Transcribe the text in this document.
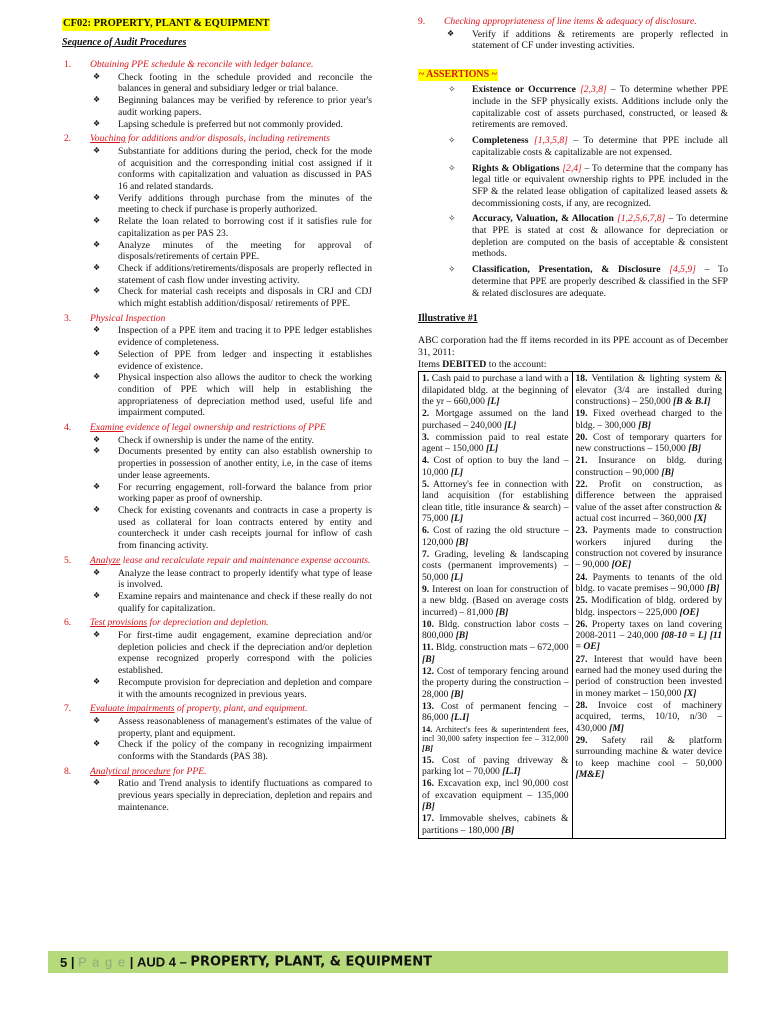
CF02: PROPERTY, PLANT & EQUIPMENT
Sequence of Audit Procedures
1. Obtaining PPE schedule & reconcile with ledger balance.
❖ Check footing in the schedule provided and reconcile the balances in general and subsidiary ledger or trial balance.
❖ Beginning balances may be verified by reference to prior year's audit working papers.
❖ Lapsing schedule is preferred but not commonly provided.
2. Vouching for additions and/or disposals, including retirements
❖ Substantiate for additions during the period, check for the mode of acquisition and the corresponding initial cost assigned if it conforms with capitalization and valuation as discussed in PAS 16 and related standards.
❖ Verify additions through purchase from the minutes of the meeting to check if purchase is properly authorized.
❖ Relate the loan related to borrowing cost if it satisfies rule for capitalization as per PAS 23.
❖ Analyze minutes of the meeting for approval of disposals/retirements of certain PPE.
❖ Check if additions/retirements/disposals are properly reflected in statement of cash flow under investing activity.
❖ Check for material cash receipts and disposals in CRJ and CDJ which might establish addition/disposal/ retirements of PPE.
3. Physical Inspection
❖ Inspection of a PPE item and tracing it to PPE ledger establishes evidence of completeness.
❖ Selection of PPE from ledger and inspecting it establishes evidence of existence.
❖ Physical inspection also allows the auditor to check the working condition of PPE which will help in establishing the appropriateness of depreciation method used, useful life and impairment computed.
4. Examine evidence of legal ownership and restrictions of PPE
❖ Check if ownership is under the name of the entity.
❖ Documents presented by entity can also establish ownership to properties in possession of another entity, i.e, in the case of items under lease agreements.
❖ For recurring engagement, roll-forward the balance from prior working paper as proof of ownership.
❖ Check for existing covenants and contracts in case a property is used as collateral for loan contracts entered by entity and countercheck it under cash receipts journal for inflow of cash from financing activity.
5. Analyze lease and recalculate repair and maintenance expense accounts.
❖ Analyze the lease contract to properly identify what type of lease is involved.
❖ Examine repairs and maintenance and check if these really do not qualify for capitalization.
6. Test provisions for depreciation and depletion.
❖ For first-time audit engagement, examine depreciation and/or depletion policies and check if the depreciation and/or depletion expense recognized properly correspond with the policies established.
❖ Recompute provision for depreciation and depletion and compare it with the amounts recognized in previous years.
7. Evaluate impairments of property, plant, and equipment.
❖ Assess reasonableness of management's estimates of the value of property, plant and equipment.
❖ Check if the policy of the company in recognizing impairment conforms with the Standards (PAS 38).
8. Analytical procedure for PPE.
❖ Ratio and Trend analysis to identify fluctuations as compared to previous years specially in depreciation, depletion and repairs and maintenance.
9. Checking appropriateness of line items & adequacy of disclosure.
❖ Verify if additions & retirements are properly reflected in statement of CF under investing activities.
~ ASSERTIONS ~
✧ Existence or Occurrence [2,3,8] – To determine whether PPE include in the SFP physically exists. Additions include only the capitalizable cost of assets purchased, constructed, or leased & retirements are removed.
✧ Completeness [1,3,5,8] – To determine that PPE include all capitalizable costs & capitalizable are not expensed.
✧ Rights & Obligations [2,4] – To determine that the company has legal title or equivalent ownership rights to PPE included in the SFP & the related lease obligation of capitalized leased assets & decommissioning costs, if any, are recognized.
✧ Accuracy, Valuation, & Allocation [1,2,5,6,7,8] – To determine that PPE is stated at cost & allowance for depreciation or depletion are computed on the basis of acceptable & consistent methods.
✧ Classification, Presentation, & Disclosure [4,5,9] – To determine that PPE are properly described & classified in the SFP & related disclosures are adequate.
Illustrative #1
ABC corporation had the ff items recorded in its PPE account as of December 31, 2011:
Items DEBITED to the account:
1. Cash paid to purchase a land with a dilapidated bldg. at the beginning of the yr – 660,000 [L]
2. Mortgage assumed on the land purchased – 240,000 [L]
3. commission paid to real estate agent – 150,000 [L]
4. Cost of option to buy the land – 10,000 [L]
5. Attorney's fee in connection with land acquisition (for establishing clean title, title insurance & search) – 75,000 [L]
6. Cost of razing the old structure – 120,000 [B]
7. Grading, leveling & landscaping costs (permanent improvements) – 50,000 [L]
9. Interest on loan for construction of a new bldg. (Based on average costs incurred) – 81,000 [B]
10. Bldg. construction labor costs – 800,000 [B]
11. Bldg. construction mats – 672,000 [B]
12. Cost of temporary fencing around the property during the construction – 28,000 [B]
13. Cost of permanent fencing – 86,000 [L.I]
14. Architect's fees & superintendent fees, incl 30,000 safety inspection fee – 312,000 [B]
15. Cost of paving driveway & parking lot – 70,000 [L.I]
16. Excavation exp, incl 90,000 cost of excavation equipment – 135,000 [B]
17. Immovable shelves, cabinets & partitions – 180,000 [B]

18. Ventilation & lighting system & elevator (3/4 are installed during constructions) – 250,000 [B & B.I]
19. Fixed overhead charged to the bldg. – 300,000 [B]
20. Cost of temporary quarters for new constructions – 150,000 [B]
21. Insurance on bldg. during construction – 90,000 [B]
22. Profit on construction, as difference between the appraised value of the asset after construction & actual cost incurred – 360,000 [X]
23. Payments made to construction workers injured during the construction not covered by insurance – 90,000 [OE]
24. Payments to tenants of the old bldg. to vacate premises – 90,000 [B]
25. Modification of bldg. ordered by bldg. inspectors – 225,000 [OE]
26. Property taxes on land covering 2008-2011 – 240,000 [08-10 = L] [11 = OE]
27. Interest that would have been earned had the money used during the period of construction been invested in money market – 150,000 [X]
28. Invoice cost of machinery acquired, terms, 10/10, n/30 – 430,000 [M]
29. Safety rail & platform surrounding machine & water device to keep machine cool – 50,000 [M&E]
5 | P a g e | AUD 4 – PROPERTY, PLANT, & EQUIPMENT
